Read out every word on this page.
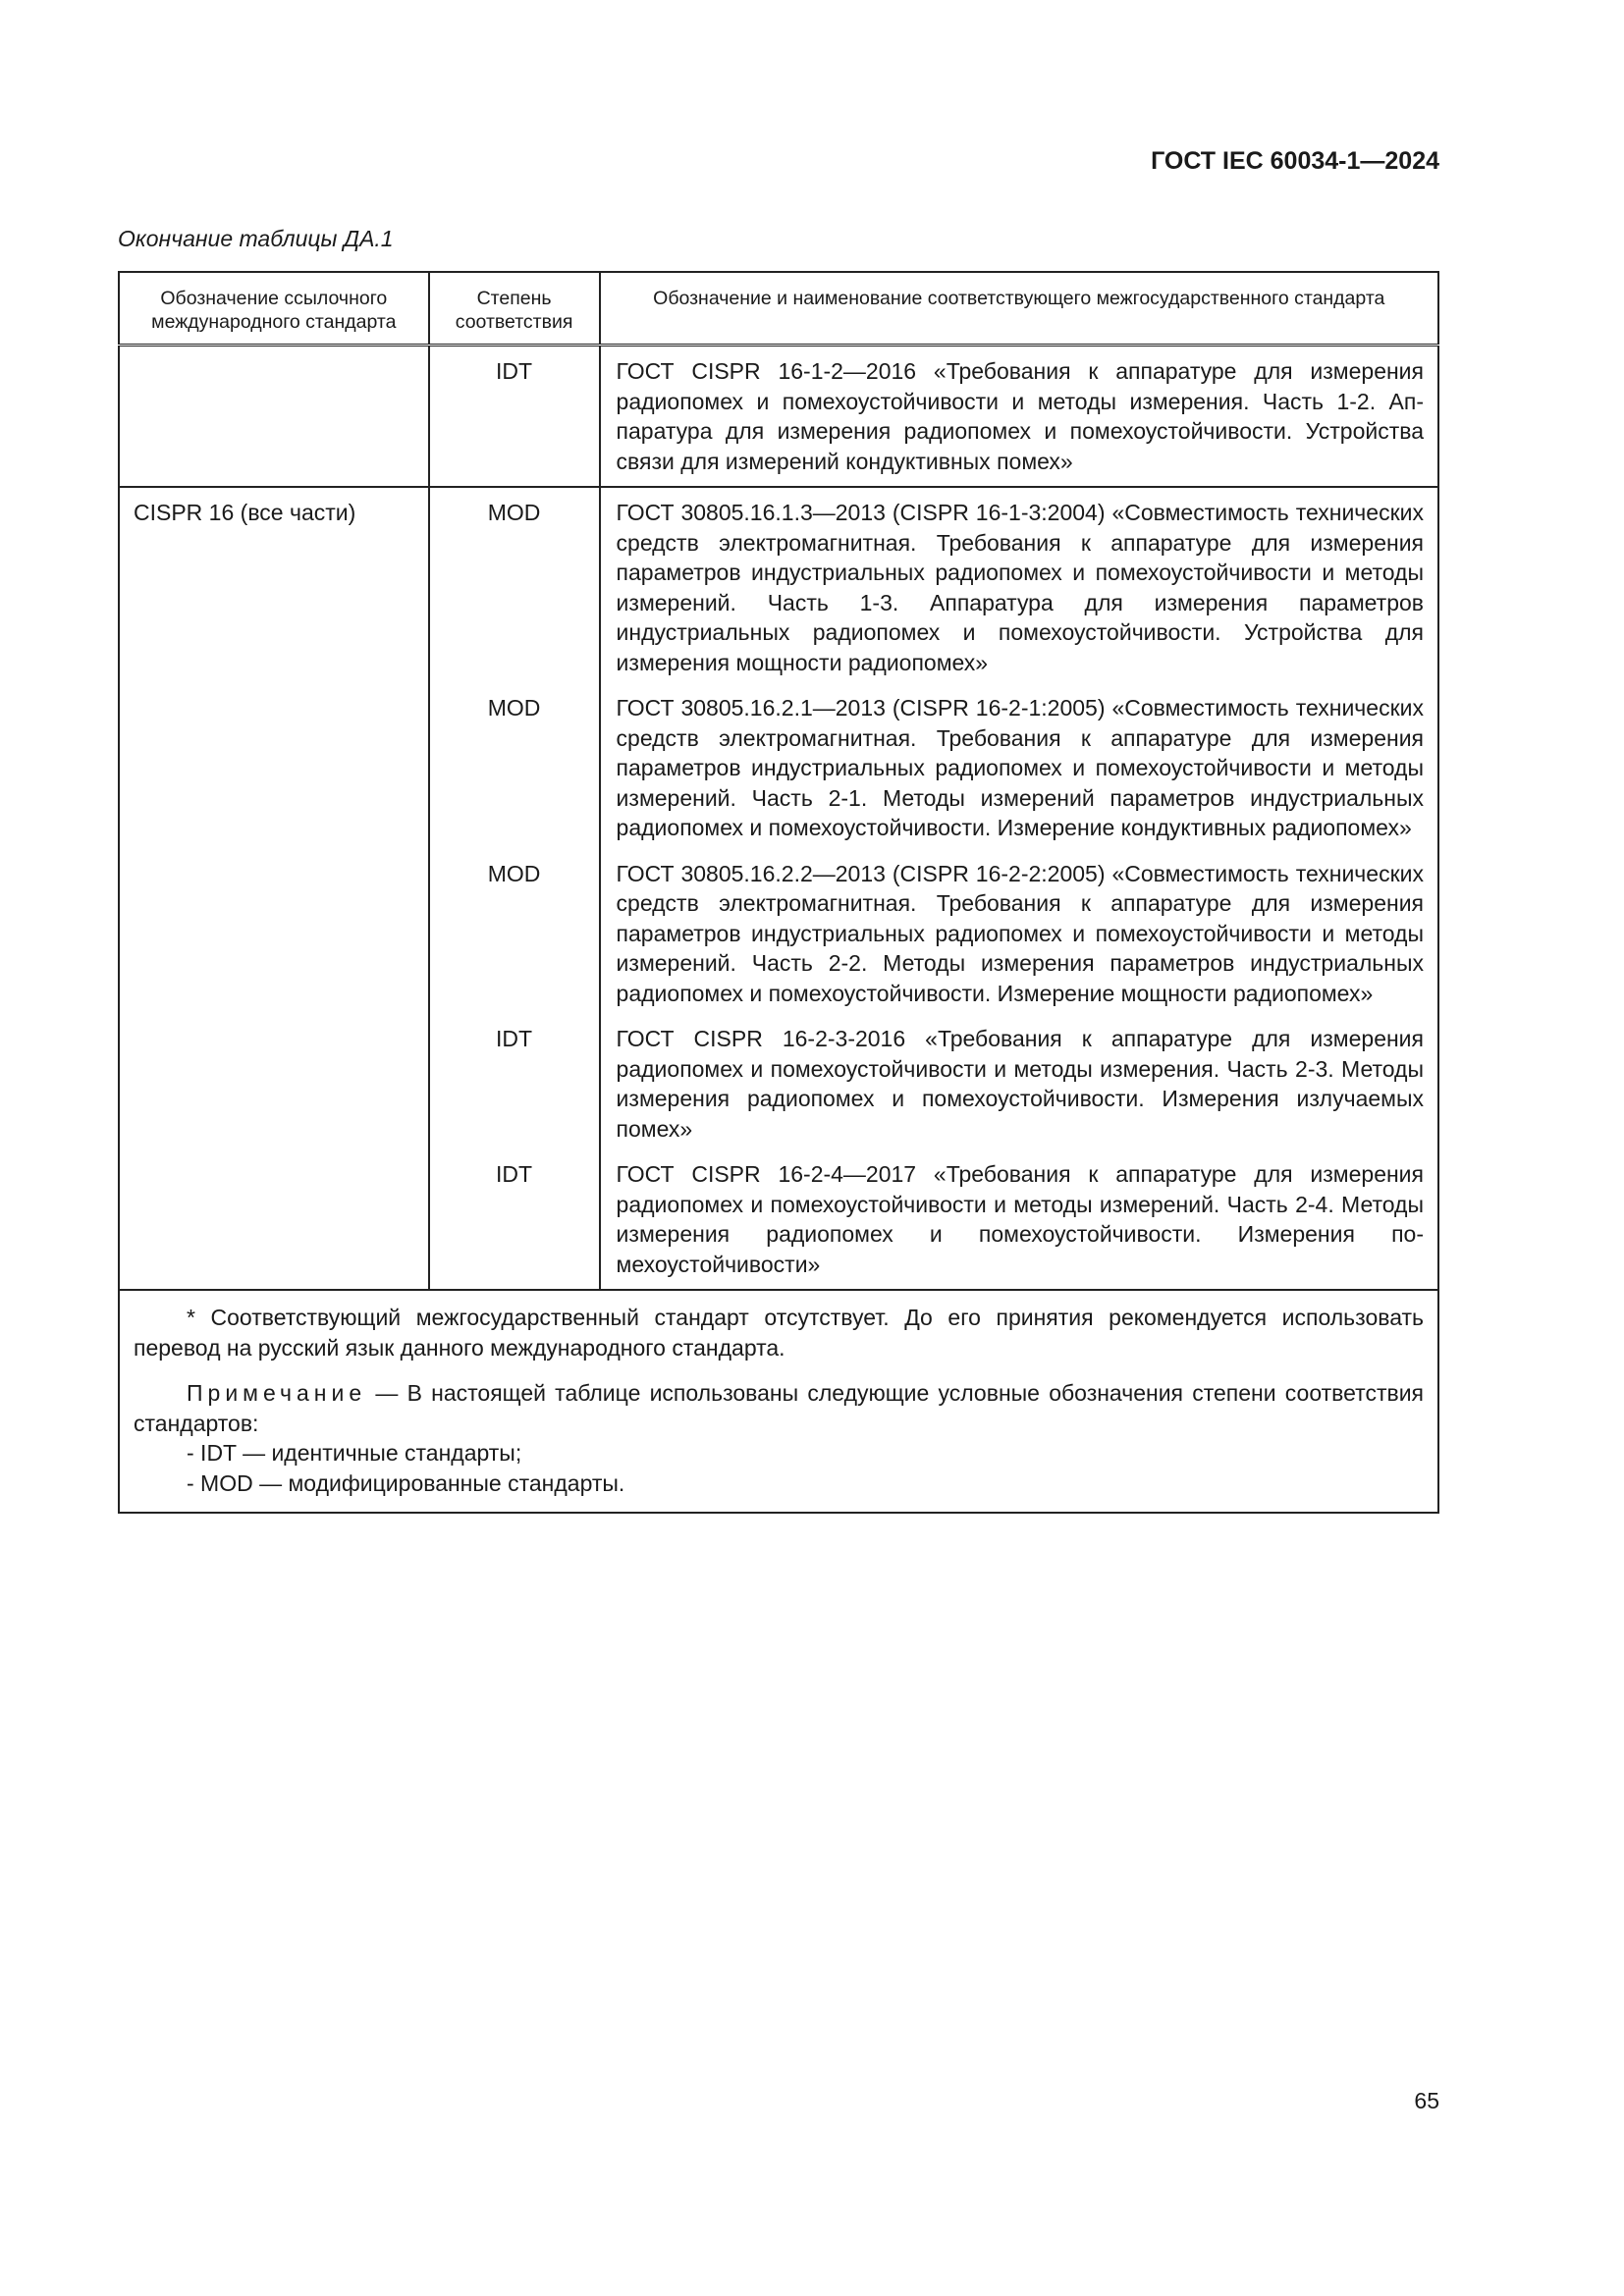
ГОСТ IEC 60034-1—2024
Окончание таблицы ДА.1
Обозначение ссылочного международного стандарта	Степень соответствия	Обозначение и наименование соответствующего межгосударственного стандарта
	IDT	ГОСТ CISPR 16-1-2—2016 «Требования к аппаратуре для измерения радиопомех и помехоустойчивости и методы измерения. Часть 1-2. Аппаратура для измерения радиопомех и помехоустойчивости. Устройства связи для измерений кондуктивных помех»
CISPR 16 (все части)	MOD	ГОСТ 30805.16.1.3—2013 (CISPR 16-1-3:2004) «Совместимость технических средств электромагнитная. Требования к аппаратуре для измерения параметров индустриальных радиопомех и помехоустойчивости и методы измерений. Часть 1-3. Аппаратура для измерения параметров индустриальных радиопомех и помехоустойчивости. Устройства для измерения мощности радиопомех»
	MOD	ГОСТ 30805.16.2.1—2013 (CISPR 16-2-1:2005) «Совместимость технических средств электромагнитная. Требования к аппаратуре для измерения параметров индустриальных радиопомех и помехоустойчивости и методы измерений. Часть 2-1. Методы измерений параметров индустриальных радиопомех и помехоустойчивости. Измерение кондуктивных радиопомех»
	MOD	ГОСТ 30805.16.2.2—2013 (CISPR 16-2-2:2005) «Совместимость технических средств электромагнитная. Требования к аппаратуре для измерения параметров индустриальных радиопомех и помехоустойчивости и методы измерений. Часть 2-2. Методы измерения параметров индустриальных радиопомех и помехоустойчивости. Измерение мощности радиопомех»
	IDT	ГОСТ CISPR 16-2-3-2016 «Требования к аппаратуре для измерения радиопомех и помехоустойчивости и методы измерения. Часть 2-3. Методы измерения радиопомех и помехоустойчивости. Измерения излучаемых помех»
	IDT	ГОСТ CISPR 16-2-4—2017 «Требования к аппаратуре для измерения радиопомех и помехоустойчивости и методы измерений. Часть 2-4. Методы измерения радиопомех и помехоустойчивости. Измерения помехоустойчивости»

* Соответствующий межгосударственный стандарт отсутствует. До его принятия рекомендуется использовать перевод на русский язык данного международного стандарта.

Примечание — В настоящей таблице использованы следующие условные обозначения степени соответствия стандартов:

- IDT — идентичные стандарты;

- MOD — модифицированные стандарты.		

65
